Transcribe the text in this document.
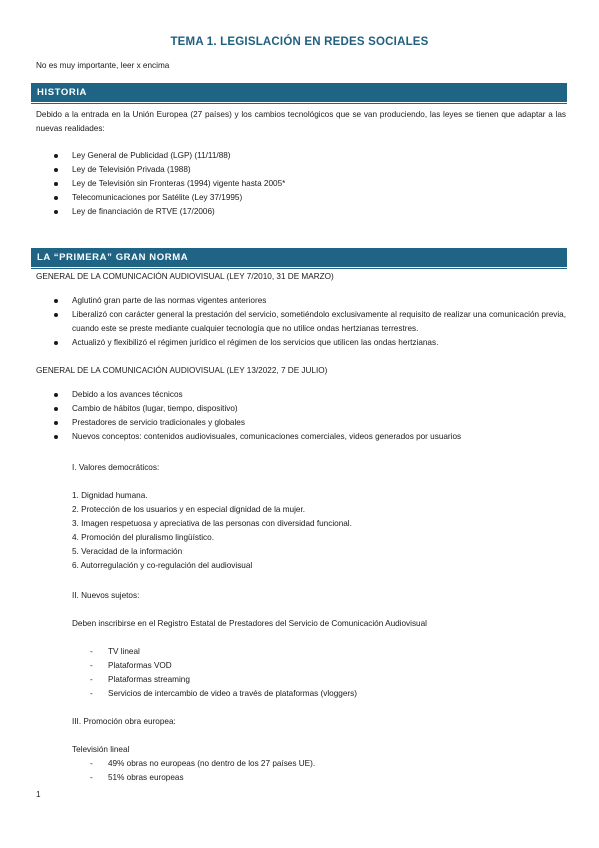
TEMA 1. LEGISLACIÓN EN REDES SOCIALES
No es muy importante, leer x encima
HISTORIA
Debido a la entrada en la Unión Europea (27 países) y los cambios tecnológicos que se van produciendo, las leyes se tienen que adaptar a las nuevas realidades:
Ley General de Publicidad (LGP) (11/11/88)
Ley de Televisión Privada (1988)
Ley de Televisión sin Fronteras (1994) vigente hasta 2005*
Telecomunicaciones por Satélite (Ley 37/1995)
Ley de financiación de RTVE (17/2006)
LA “PRIMERA” GRAN NORMA
GENERAL DE LA COMUNICACIÓN AUDIOVISUAL (LEY 7/2010, 31 DE MARZO)
Aglutinó gran parte de las normas vigentes anteriores
Liberalizó con carácter general la prestación del servicio, sometiéndolo exclusivamente al requisito de realizar una comunicación previa, cuando este se preste mediante cualquier tecnología que no utilice ondas hertzianas terrestres.
Actualizó y flexibilizó el régimen jurídico el régimen de los servicios que utilicen las ondas hertzianas.
GENERAL DE LA COMUNICACIÓN AUDIOVISUAL (LEY 13/2022, 7 DE JULIO)
Debido a los avances técnicos
Cambio de hábitos (lugar, tiempo, dispositivo)
Prestadores de servicio tradicionales y globales
Nuevos conceptos: contenidos audiovisuales, comunicaciones comerciales, videos generados por usuarios
I. Valores democráticos:
1. Dignidad humana.
2. Protección de los usuarios y en especial dignidad de la mujer.
3. Imagen respetuosa y apreciativa de las personas con diversidad funcional.
4. Promoción del pluralismo lingüístico.
5. Veracidad de la información
6. Autorregulación y co-regulación del audiovisual
II. Nuevos sujetos:
Deben inscribirse en el Registro Estatal de Prestadores del Servicio de Comunicación Audiovisual
- TV lineal
- Plataformas VOD
- Plataformas streaming
- Servicios de intercambio de video a través de plataformas (vloggers)
III. Promoción obra europea:
Televisión lineal
- 49% obras no europeas (no dentro de los 27 países UE).
- 51% obras europeas
1
